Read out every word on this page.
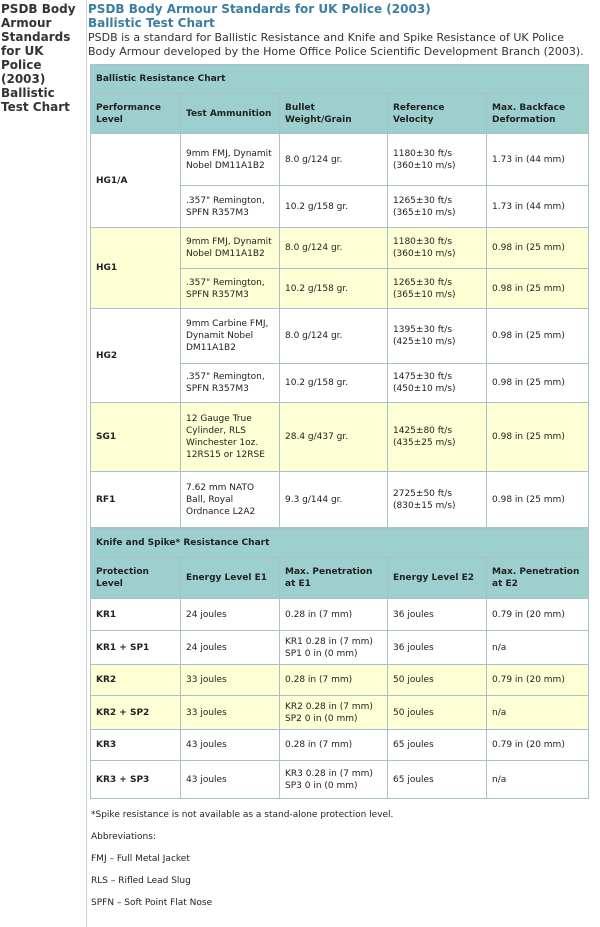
PSDB Body Armour Standards for UK Police (2003)
Ballistic Test Chart
PSDB Body Armour Standards for UK Police (2003)
Ballistic Test Chart
PSDB is a standard for Ballistic Resistance and Knife and Spike Resistance of UK Police Body Armour developed by the Home Office Police Scientific Development Branch (2003).
Ballistic Resistance Chart				
Performance Level	Test Ammunition	Bullet Weight/Grain	Reference Velocity	Max. Backface Deformation
HG1/A	9mm FMJ, Dynamit Nobel DM11A1B2	8.0 g/124 gr.	1180±30 ft/s (360±10 m/s)	1.73 in (44 mm)
	.357" Remington, SPFN R357M3	10.2 g/158 gr.	1265±30 ft/s (365±10 m/s)	1.73 in (44 mm)
HG1	9mm FMJ, Dynamit Nobel DM11A1B2	8.0 g/124 gr.	1180±30 ft/s (360±10 m/s)	0.98 in (25 mm)
	.357" Remington, SPFN R357M3	10.2 g/158 gr.	1265±30 ft/s (365±10 m/s)	0.98 in (25 mm)
HG2	9mm Carbine FMJ, Dynamit Nobel DM11A1B2	8.0 g/124 gr.	1395±30 ft/s (425±10 m/s)	0.98 in (25 mm)
	.357" Remington, SPFN R357M3	10.2 g/158 gr.	1475±30 ft/s (450±10 m/s)	0.98 in (25 mm)
SG1	12 Gauge True Cylinder, RLS Winchester 1oz. 12RS15 or 12RSE	28.4 g/437 gr.	1425±80 ft/s (435±25 m/s)	0.98 in (25 mm)
RF1	7.62 mm NATO Ball, Royal Ordnance L2A2	9.3 g/144 gr.	2725±50 ft/s (830±15 m/s)	0.98 in (25 mm)
Knife and Spike* Resistance Chart				
Protection Level	Energy Level E1	Max. Penetration at E1	Energy Level E2	Max. Penetration at E2
KR1	24 joules	0.28 in (7 mm)	36 joules	0.79 in (20 mm)
KR1 + SP1	24 joules	KR1 0.28 in (7 mm) SP1 0 in (0 mm)	36 joules	n/a
KR2	33 joules	0.28 in (7 mm)	50 joules	0.79 in (20 mm)
KR2 + SP2	33 joules	KR2 0.28 in (7 mm) SP2 0 in (0 mm)	50 joules	n/a
KR3	43 joules	0.28 in (7 mm)	65 joules	0.79 in (20 mm)
KR3 + SP3	43 joules	KR3 0.28 in (7 mm) SP3 0 in (0 mm)	65 joules	n/a

*Spike resistance is not available as a stand-alone protection level.

Abbreviations:

FMJ – Full Metal Jacket

RLS – Rifled Lead Slug

SPFN – Soft Point Flat Nose
